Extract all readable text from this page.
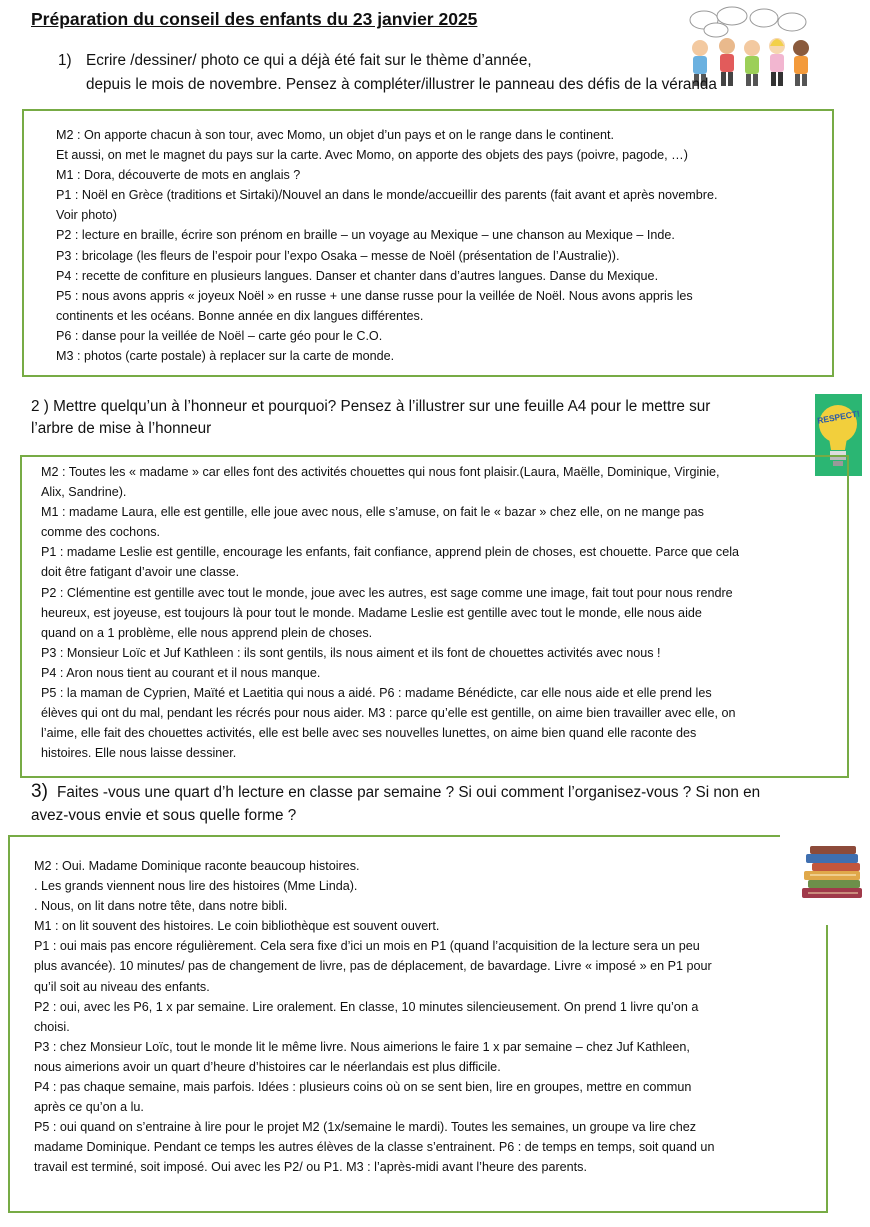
Préparation du conseil des enfants du 23 janvier 2025
1) Ecrire /dessiner/ photo ce qui a déjà été fait sur le thème d’année,
depuis le mois de novembre. Pensez à compléter/illustrer le panneau des défis de la véranda
M2 : On apporte chacun à son tour, avec Momo, un objet d’un pays et on le range dans le continent.
Et aussi, on met le magnet du pays sur la carte. Avec Momo, on apporte des objets des pays (poivre, pagode, …)
M1 : Dora, découverte de mots en anglais ?
P1 : Noël en Grèce (traditions et Sirtaki)/Nouvel an dans le monde/accueillir des parents (fait avant et après novembre.
Voir photo)
P2 : lecture en braille, écrire son prénom en braille – un voyage au Mexique – une chanson au Mexique – Inde.
P3 : bricolage (les fleurs de l’espoir pour l’expo Osaka – messe de Noël (présentation de l’Australie)).
P4 : recette de confiture en plusieurs langues. Danser et chanter dans d’autres langues. Danse du Mexique.
P5 : nous avons appris « joyeux Noël » en russe + une danse russe pour la veillée de Noël. Nous avons appris les
continents et les océans. Bonne année en dix langues différentes.
P6 : danse pour la veillée de Noël – carte géo pour le C.O.
M3 : photos (carte postale) à replacer sur la carte de monde.
2 ) Mettre quelqu’un à l’honneur et pourquoi? Pensez à l’illustrer sur une feuille A4 pour le mettre sur
l’arbre de mise à l’honneur
RESPECT!
M2 : Toutes les « madame » car elles font des activités chouettes qui nous font plaisir.(Laura, Maëlle, Dominique, Virginie,
Alix, Sandrine).
M1 : madame Laura, elle est gentille, elle joue avec nous, elle s’amuse, on fait le « bazar » chez elle, on ne mange pas
comme des cochons.
P1 : madame Leslie est gentille, encourage les enfants, fait confiance, apprend plein de choses, est chouette. Parce que cela
doit être fatigant d’avoir une classe.
P2 : Clémentine est gentille avec tout le monde, joue avec les autres, est sage comme une image, fait tout pour nous rendre
heureux, est joyeuse, est toujours là pour tout le monde. Madame Leslie est gentille avec tout le monde, elle nous aide
quand on a 1 problème, elle nous apprend plein de choses.
P3 : Monsieur Loïc et Juf Kathleen : ils sont gentils, ils nous aiment et ils font de chouettes activités avec nous !
P4 : Aron nous tient au courant et il nous manque.
P5 : la maman de Cyprien, Maïté et Laetitia qui nous a aidé. P6 : madame Bénédicte, car elle nous aide et elle prend les
élèves qui ont du mal, pendant les récrés pour nous aider. M3 : parce qu’elle est gentille, on aime bien travailler avec elle, on
l’aime, elle fait des chouettes activités, elle est belle avec ses nouvelles lunettes, on aime bien quand elle raconte des
histoires. Elle nous laisse dessiner.
3) Faites -vous une quart d’h lecture en classe par semaine ? Si oui comment l’organisez-vous ? Si non en
avez-vous envie et sous quelle forme ?
M2 : Oui. Madame Dominique raconte beaucoup histoires.
. Les grands viennent nous lire des histoires (Mme Linda).
. Nous, on lit dans notre tête, dans notre bibli.
M1 : on lit souvent des histoires. Le coin bibliothèque est souvent ouvert.
P1 : oui mais pas encore régulièrement. Cela sera fixe d’ici un mois en P1 (quand l’acquisition de la lecture sera un peu
plus avancée). 10 minutes/ pas de changement de livre, pas de déplacement, de bavardage. Livre « imposé » en P1 pour
qu’il soit au niveau des enfants.
P2 : oui, avec les P6, 1 x par semaine. Lire oralement. En classe, 10 minutes silencieusement. On prend 1 livre qu’on a
choisi.
P3 : chez Monsieur Loïc, tout le monde lit le même livre. Nous aimerions le faire 1 x par semaine – chez Juf Kathleen,
nous aimerions avoir un quart d’heure d’histoires car le néerlandais est plus difficile.
P4 : pas chaque semaine, mais parfois. Idées : plusieurs coins où on se sent bien, lire en groupes, mettre en commun
après ce qu’on a lu.
P5 : oui quand on s’entraine à lire pour le projet M2 (1x/semaine le mardi). Toutes les semaines, un groupe va lire chez
madame Dominique. Pendant ce temps les autres élèves de la classe s’entrainent. P6 : de temps en temps, soit quand un
travail est terminé, soit imposé. Oui avec les P2/ ou P1. M3 : l’après-midi avant l’heure des parents.
